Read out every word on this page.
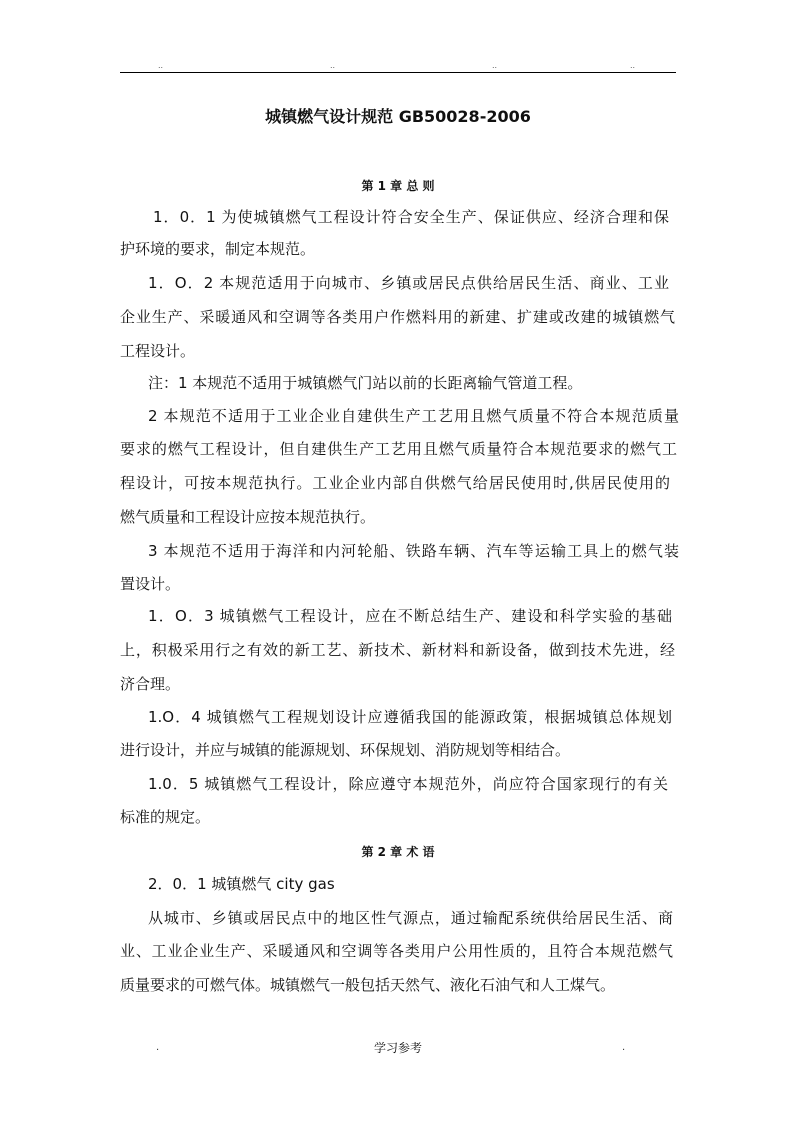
..	..	..	..
城镇燃气设计规范 GB50028-2006
第 1 章 总 则
1．0．1 为使城镇燃气工程设计符合安全生产、保证供应、经济合理和保
护环境的要求，制定本规范。
1．O．2 本规范适用于向城市、乡镇或居民点供给居民生活、商业、工业
企业生产、采暖通风和空调等各类用户作燃料用的新建、扩建或改建的城镇燃气
工程设计。
注：1 本规范不适用于城镇燃气门站以前的长距离输气管道工程。
2 本规范不适用于工业企业自建供生产工艺用且燃气质量不符合本规范质量
要求的燃气工程设计，但自建供生产工艺用且燃气质量符合本规范要求的燃气工
程设计，可按本规范执行。工业企业内部自供燃气给居民使用时,供居民使用的
燃气质量和工程设计应按本规范执行。
3 本规范不适用于海洋和内河轮船、铁路车辆、汽车等运输工具上的燃气装
置设计。
1．O．3 城镇燃气工程设计，应在不断总结生产、建设和科学实验的基础
上，积极采用行之有效的新工艺、新技术、新材料和新设备，做到技术先进，经
济合理。
1.O．4 城镇燃气工程规划设计应遵循我国的能源政策，根据城镇总体规划
进行设计，并应与城镇的能源规划、环保规划、消防规划等相结合。
1.0．5 城镇燃气工程设计，除应遵守本规范外，尚应符合国家现行的有关
标准的规定。
第 2 章 术 语
2．0．1 城镇燃气 city gas
从城市、乡镇或居民点中的地区性气源点，通过输配系统供给居民生活、商
业、工业企业生产、采暖通风和空调等各类用户公用性质的，且符合本规范燃气
质量要求的可燃气体。城镇燃气一般包括天然气、液化石油气和人工煤气。
.	学习参考	.
